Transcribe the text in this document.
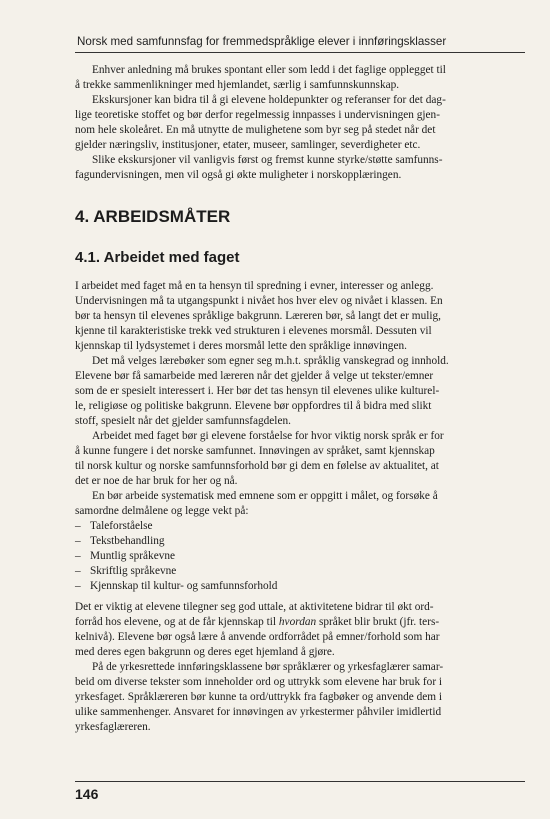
Norsk med samfunnsfag for fremmedspråklige elever i innføringsklasser
Enhver anledning må brukes spontant eller som ledd i det faglige opplegget til
å trekke sammenlikninger med hjemlandet, særlig i samfunnskunnskap.
Ekskursjoner kan bidra til å gi elevene holdepunkter og referanser for det dag-
lige teoretiske stoffet og bør derfor regelmessig innpasses i undervisningen gjen-
nom hele skoleåret. En må utnytte de mulighetene som byr seg på stedet når det
gjelder næringsliv, institusjoner, etater, museer, samlinger, severdigheter etc.
Slike ekskursjoner vil vanligvis først og fremst kunne styrke/støtte samfunns-
fagundervisningen, men vil også gi økte muligheter i norskopplæringen.
4. ARBEIDSMÅTER
4.1. Arbeidet med faget
I arbeidet med faget må en ta hensyn til spredning i evner, interesser og anlegg.
Undervisningen må ta utgangspunkt i nivået hos hver elev og nivået i klassen. En
bør ta hensyn til elevenes språklige bakgrunn. Læreren bør, så langt det er mulig,
kjenne til karakteristiske trekk ved strukturen i elevenes morsmål. Dessuten vil
kjennskap til lydsystemet i deres morsmål lette den språklige innøvingen.
Det må velges lærebøker som egner seg m.h.t. språklig vanskegrad og innhold.
Elevene bør få samarbeide med læreren når det gjelder å velge ut tekster/emner
som de er spesielt interessert i. Her bør det tas hensyn til elevenes ulike kulturel-
le, religiøse og politiske bakgrunn. Elevene bør oppfordres til å bidra med slikt
stoff, spesielt når det gjelder samfunnsfagdelen.
Arbeidet med faget bør gi elevene forståelse for hvor viktig norsk språk er for
å kunne fungere i det norske samfunnet. Innøvingen av språket, samt kjennskap
til norsk kultur og norske samfunnsforhold bør gi dem en følelse av aktualitet, at
det er noe de har bruk for her og nå.
En bør arbeide systematisk med emnene som er oppgitt i målet, og forsøke å
samordne delmålene og legge vekt på:
– Taleforståelse
– Tekstbehandling
– Muntlig språkevne
– Skriftlig språkevne
– Kjennskap til kultur- og samfunnsforhold
Det er viktig at elevene tilegner seg god uttale, at aktivitetene bidrar til økt ord-
forråd hos elevene, og at de får kjennskap til hvordan språket blir brukt (jfr. ters-
kelnivå). Elevene bør også lære å anvende ordforrådet på emner/forhold som har
med deres egen bakgrunn og deres eget hjemland å gjøre.
På de yrkesrettede innføringsklassene bør språklærer og yrkesfaglærer samar-
beid om diverse tekster som inneholder ord og uttrykk som elevene har bruk for i
yrkesfaget. Språklæreren bør kunne ta ord/uttrykk fra fagbøker og anvende dem i
ulike sammenhenger. Ansvaret for innøvingen av yrkestermer påhviler imidlertid
yrkesfaglæreren.
146
